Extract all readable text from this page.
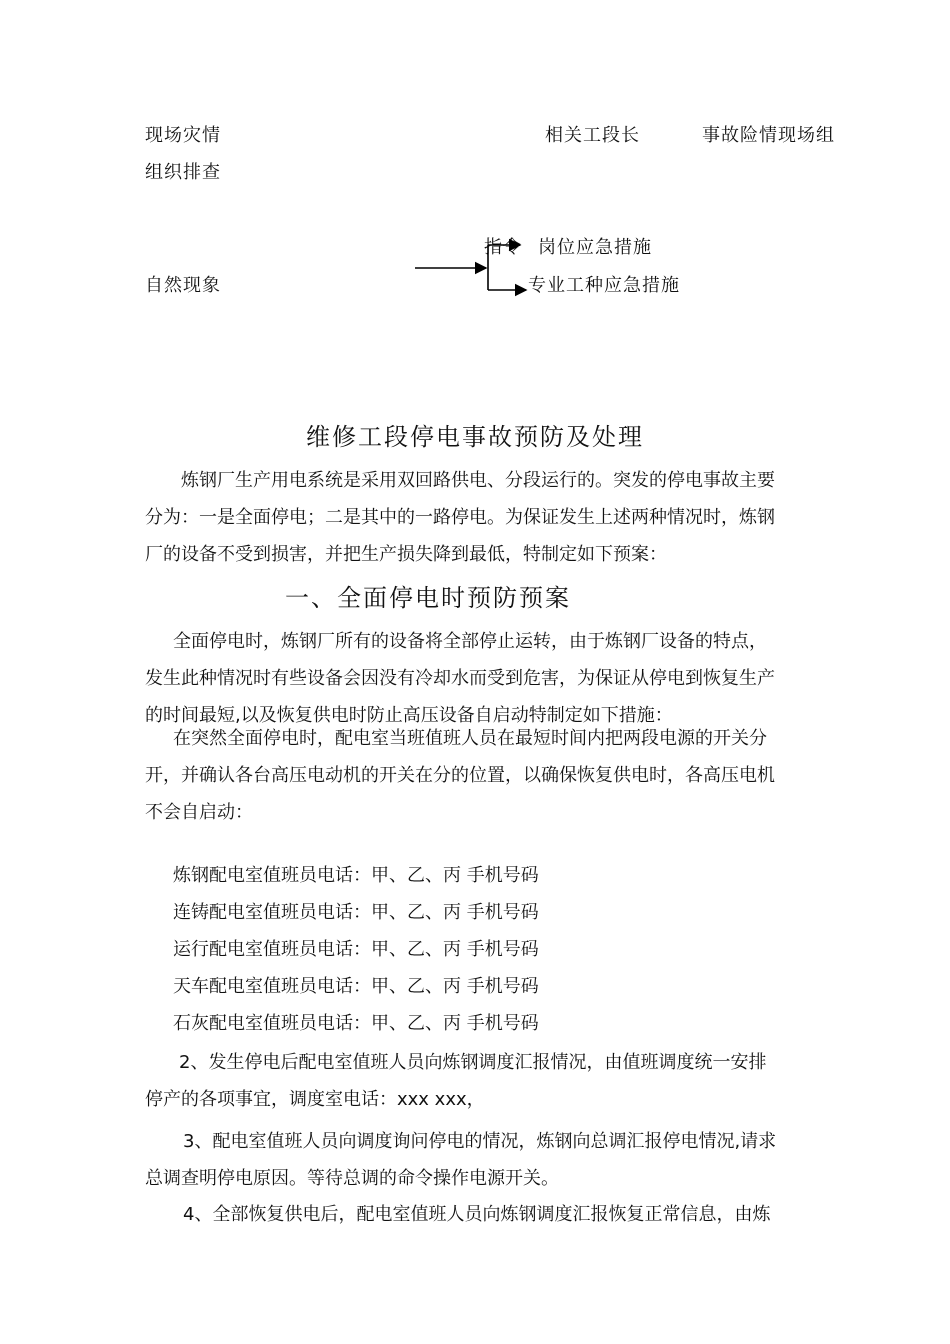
现场灾情	相关工段长	事故险情现场组
组织排查
指令 岗位应急措施
自然现象	专业工种应急措施
维修工段停电事故预防及处理

炼钢厂生产用电系统是采用双回路供电、分段运行的。突发的停电事故主要

分为：一是全面停电；二是其中的一路停电。为保证发生上述两种情况时，炼钢

厂的设备不受到损害，并把生产损失降到最低，特制定如下预案：

一、全面停电时预防预案

全面停电时，炼钢厂所有的设备将全部停止运转，由于炼钢厂设备的特点，

发生此种情况时有些设备会因没有冷却水而受到危害，为保证从停电到恢复生产

的时间最短,以及恢复供电时防止高压设备自启动特制定如下措施：

在突然全面停电时，配电室当班值班人员在最短时间内把两段电源的开关分

开，并确认各台高压电动机的开关在分的位置，以确保恢复供电时，各高压电机

不会自启动：

炼钢配电室值班员电话：甲、乙、丙 手机号码

连铸配电室值班员电话：甲、乙、丙 手机号码

运行配电室值班员电话：甲、乙、丙 手机号码

天车配电室值班员电话：甲、乙、丙 手机号码

石灰配电室值班员电话：甲、乙、丙 手机号码

2、发生停电后配电室值班人员向炼钢调度汇报情况，由值班调度统一安排

停产的各项事宜，调度室电话：xxx xxx，

3、配电室值班人员向调度询问停电的情况，炼钢向总调汇报停电情况,请求

总调查明停电原因。等待总调的命令操作电源开关。

4、全部恢复供电后，配电室值班人员向炼钢调度汇报恢复正常信息，由炼
